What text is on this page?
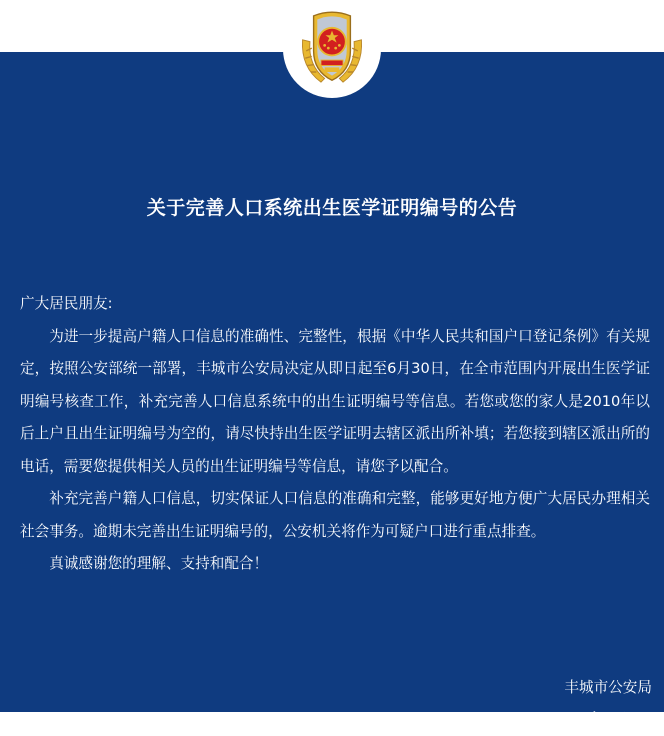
关于完善人口系统出生医学证明编号的公告

广大居民朋友:

为进一步提高户籍人口信息的准确性、完整性，根据《中华人民共和国户口登记条例》有关规定，按照公安部统一部署，丰城市公安局决定从即日起至6月30日，在全市范围内开展出生医学证明编号核查工作，补充完善人口信息系统中的出生证明编号等信息。若您或您的家人是2010年以后上户且出生证明编号为空的，请尽快持出生医学证明去辖区派出所补填；若您接到辖区派出所的电话，需要您提供相关人员的出生证明编号等信息，请您予以配合。

补充完善户籍人口信息，切实保证人口信息的准确和完整，能够更好地方便广大居民办理相关社会事务。逾期未完善出生证明编号的，公安机关将作为可疑户口进行重点排查。

真诚感谢您的理解、支持和配合！

丰城市公安局
2022年6月1日
